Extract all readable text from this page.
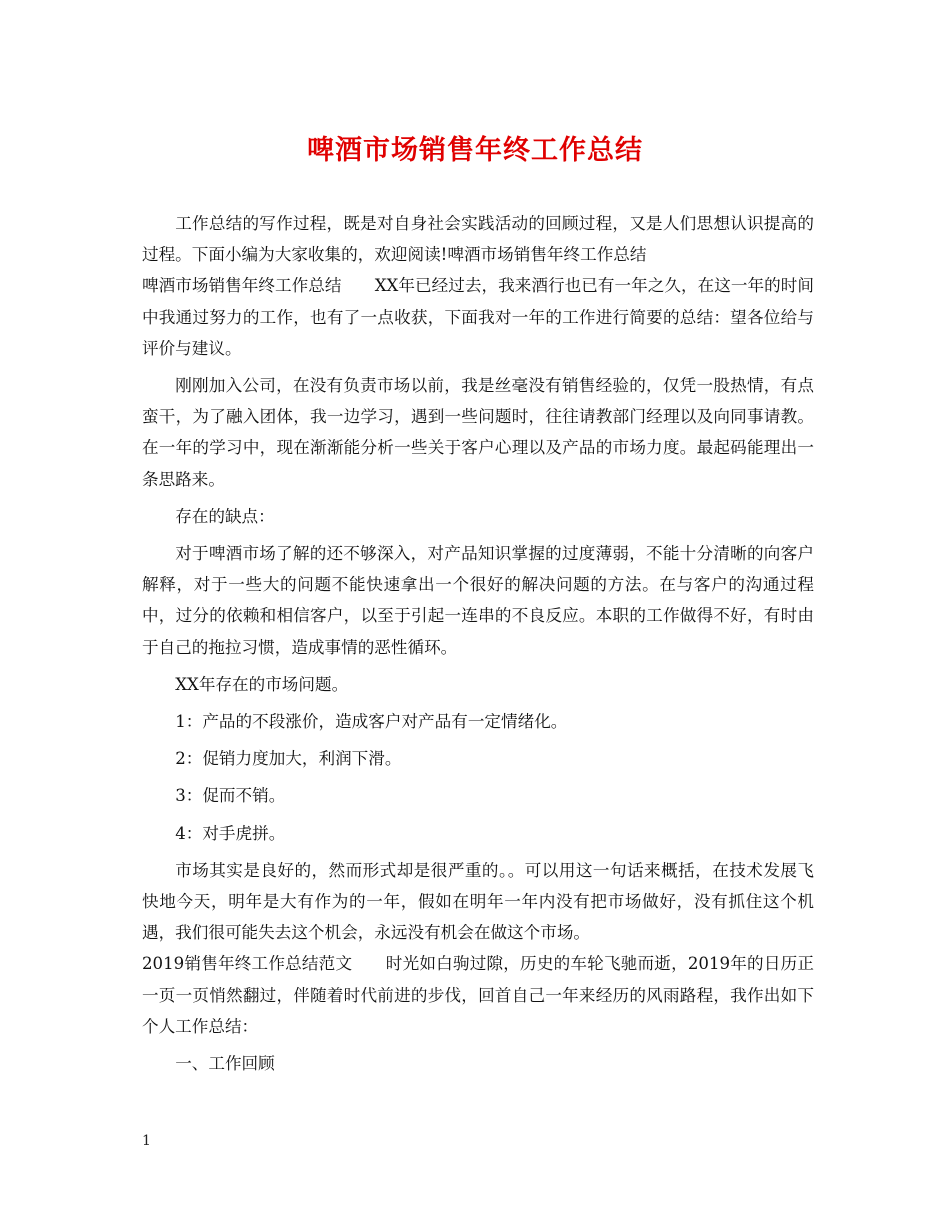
啤酒市场销售年终工作总结

工作总结的写作过程，既是对自身社会实践活动的回顾过程，又是人们思想认识提高的过程。下面小编为大家收集的，欢迎阅读!啤酒市场销售年终工作总结

啤酒市场销售年终工作总结　　XX年已经过去，我来酒行也已有一年之久，在这一年的时间中我通过努力的工作，也有了一点收获，下面我对一年的工作进行简要的总结：望各位给与评价与建议。

刚刚加入公司，在没有负责市场以前，我是丝毫没有销售经验的，仅凭一股热情，有点蛮干，为了融入团体，我一边学习，遇到一些问题时，往往请教部门经理以及向同事请教。在一年的学习中，现在渐渐能分析一些关于客户心理以及产品的市场力度。最起码能理出一条思路来。

存在的缺点：

对于啤酒市场了解的还不够深入，对产品知识掌握的过度薄弱，不能十分清晰的向客户解释，对于一些大的问题不能快速拿出一个很好的解决问题的方法。在与客户的沟通过程中，过分的依赖和相信客户，以至于引起一连串的不良反应。本职的工作做得不好，有时由于自己的拖拉习惯，造成事情的恶性循环。

XX年存在的市场问题。

1：产品的不段涨价，造成客户对产品有一定情绪化。

2：促销力度加大，利润下滑。

3：促而不销。

4：对手虎拼。

市场其实是良好的，然而形式却是很严重的。。可以用这一句话来概括，在技术发展飞快地今天，明年是大有作为的一年，假如在明年一年内没有把市场做好，没有抓住这个机遇，我们很可能失去这个机会，永远没有机会在做这个市场。

2019销售年终工作总结范文　　时光如白驹过隙，历史的车轮飞驰而逝，2019年的日历正一页一页悄然翻过，伴随着时代前进的步伐，回首自己一年来经历的风雨路程，我作出如下个人工作总结：

一、工作回顾

1
